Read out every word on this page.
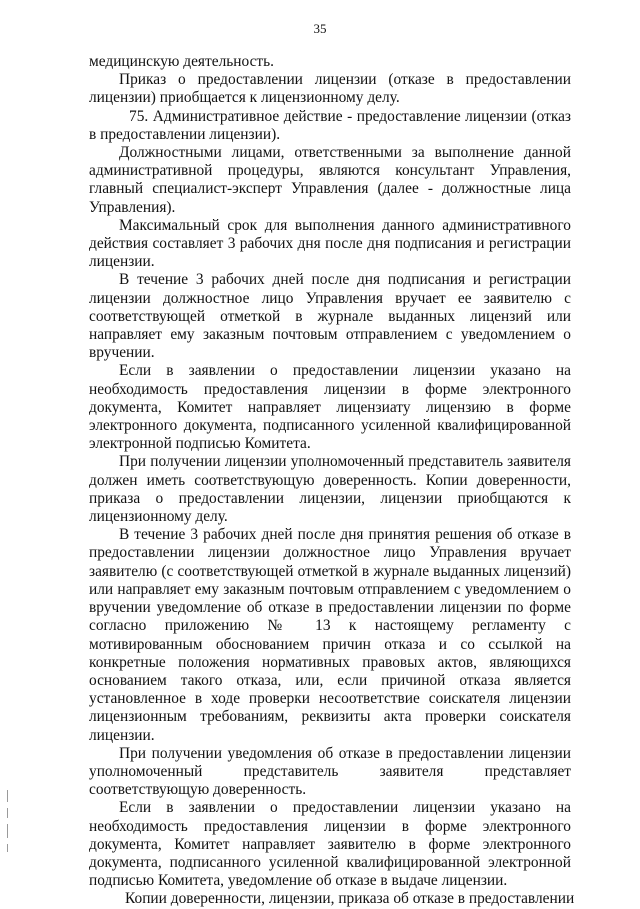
35

медицинскую деятельность.

Приказ о предоставлении лицензии (отказе в предоставлении лицензии) приобщается к лицензионному делу.

75. Административное действие - предоставление лицензии (отказ в предоставлении лицензии).

Должностными лицами, ответственными за выполнение данной административной процедуры, являются консультант Управления, главный специалист-эксперт Управления (далее - должностные лица Управления).

Максимальный срок для выполнения данного административного действия составляет 3 рабочих дня после дня подписания и регистрации лицензии.

В течение 3 рабочих дней после дня подписания и регистрации лицензии должностное лицо Управления вручает ее заявителю с соответствующей отметкой в журнале выданных лицензий или направляет ему заказным почтовым отправлением с уведомлением о вручении.

Если в заявлении о предоставлении лицензии указано на необходимость предоставления лицензии в форме электронного документа, Комитет направляет лицензиату лицензию в форме электронного документа, подписанного усиленной квалифицированной электронной подписью Комитета.

При получении лицензии уполномоченный представитель заявителя должен иметь соответствующую доверенность. Копии доверенности, приказа о предоставлении лицензии, лицензии приобщаются к лицензионному делу.

В течение 3 рабочих дней после дня принятия решения об отказе в предоставлении лицензии должностное лицо Управления вручает заявителю (с соответствующей отметкой в журнале выданных лицензий) или направляет ему заказным почтовым отправлением с уведомлением о вручении уведомление об отказе в предоставлении лицензии по форме согласно приложению № 13 к настоящему регламенту с мотивированным обоснованием причин отказа и со ссылкой на конкретные положения нормативных правовых актов, являющихся основанием такого отказа, или, если причиной отказа является установленное в ходе проверки несоответствие соискателя лицензии лицензионным требованиям, реквизиты акта проверки соискателя лицензии.

При получении уведомления об отказе в предоставлении лицензии уполномоченный представитель заявителя представляет соответствующую доверенность.

Если в заявлении о предоставлении лицензии указано на необходимость предоставления лицензии в форме электронного документа, Комитет направляет заявителю в форме электронного документа, подписанного усиленной квалифицированной электронной подписью Комитета, уведомление об отказе в выдаче лицензии.

Копии доверенности, лицензии, приказа об отказе в предоставлении
